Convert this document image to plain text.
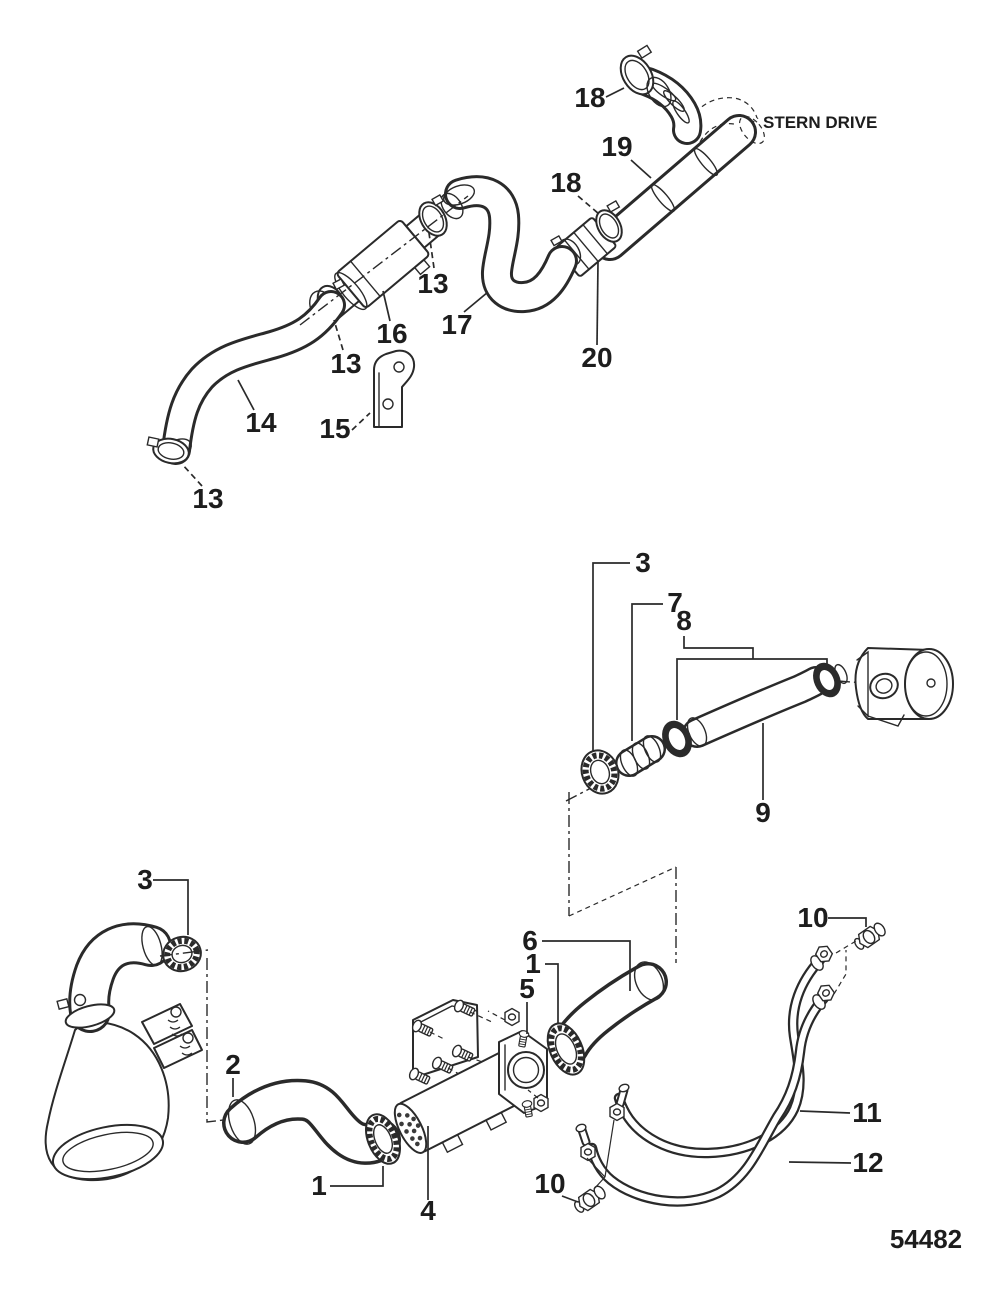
18
19
STERN DRIVE
18
13
16 17
20
13
14 15
13
3
7
8
9
3
10
6
1
5
2
11
12
1	10
4
54482
